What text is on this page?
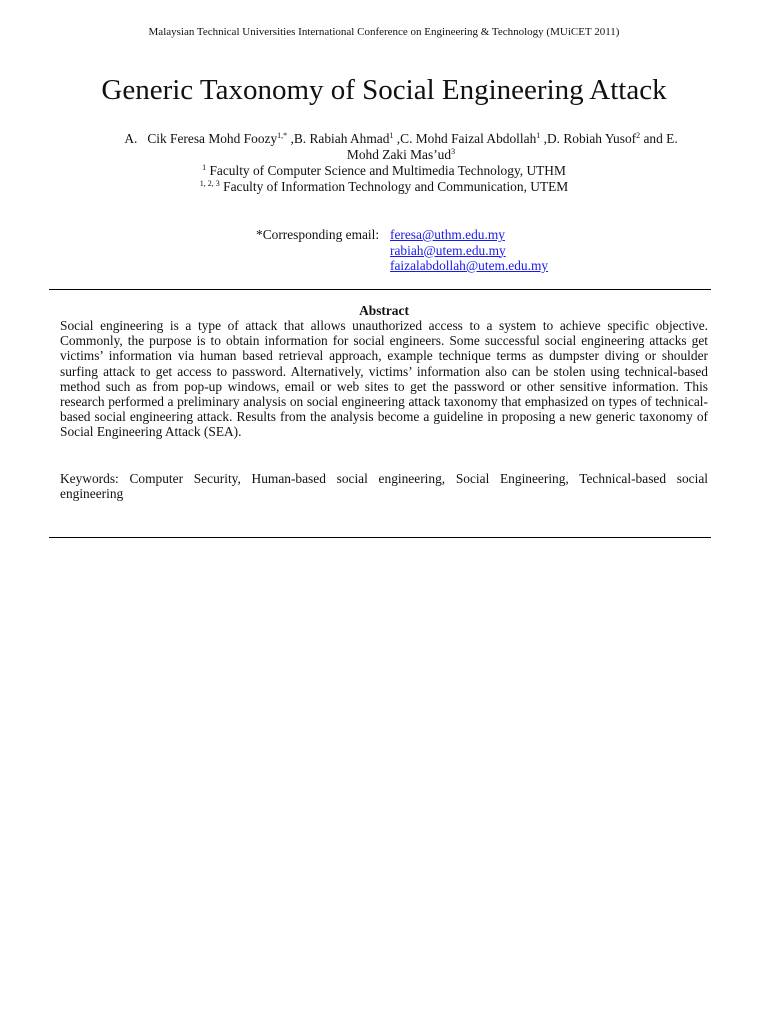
Malaysian Technical Universities International Conference on Engineering & Technology (MUiCET 2011)
Generic Taxonomy of Social Engineering Attack
A. Cik Feresa Mohd Foozy$^{1,*}$ ,B. Rabiah Ahmad$^1$ ,C. Mohd Faizal Abdollah$^1$ ,D. Robiah Yusof$^2$ and E.
Mohd Zaki $Mas’ud^3$
$^1$ Faculty of Computer Science and Multimedia Technology, UTHM
$^{1, 2, 3}$ Faculty of Information Technology and Communication, UTEM
*Corresponding email: feresa@uthm.edu.my
rabiah@utem.edu.my
faizalabdollah@utem.edu.my
Abstract
Social engineering is a type of attack that allows unauthorized access to a system to achieve specific objective. Commonly, the purpose is to obtain information for social engineers. Some successful social engineering attacks get victims’ information via human based retrieval approach, example technique terms as dumpster diving or shoulder surfing attack to get access to password. Alternatively, victims’ information also can be stolen using technical-based method such as from pop-up windows, email or web sites to get the password or other sensitive information. This research performed a preliminary analysis on social engineering attack taxonomy that emphasized on types of technical-based social engineering attack. Results from the analysis become a guideline in proposing a new generic taxonomy of Social Engineering Attack (SEA).
Keywords: Computer Security, Human-based social engineering, Social Engineering, Technical-based social engineering
